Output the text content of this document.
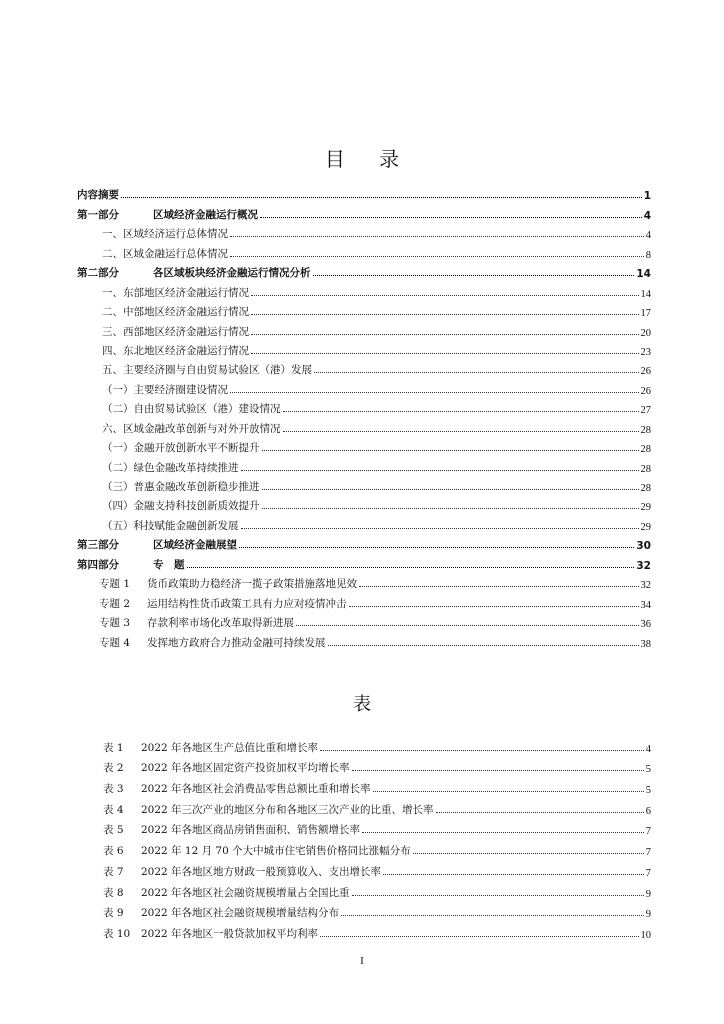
目 录
内容摘要	1
第一部分	区域经济金融运行概况	4
一、区域经济运行总体情况	4
二、区域金融运行总体情况	8
第二部分	各区域板块经济金融运行情况分析	14
一、东部地区经济金融运行情况	14
二、中部地区经济金融运行情况	17
三、西部地区经济金融运行情况	20
四、东北地区经济金融运行情况	23
五、主要经济圈与自由贸易试验区（港）发展	26
（一）主要经济圈建设情况	26
（二）自由贸易试验区（港）建设情况	27
六、区域金融改革创新与对外开放情况	28
（一）金融开放创新水平不断提升	28
（二）绿色金融改革持续推进	28
（三）普惠金融改革创新稳步推进	28
（四）金融支持科技创新质效提升	29
（五）科技赋能金融创新发展	29
第三部分	区域经济金融展望	30
第四部分	专　题	32
专题 1 货币政策助力稳经济一揽子政策措施落地见效	32
专题 2 运用结构性货币政策工具有力应对疫情冲击	34
专题 3 存款利率市场化改革取得新进展	36
专题 4 发挥地方政府合力推动金融可持续发展	38
表
表 1 2022 年各地区生产总值比重和增长率	4
表 2 2022 年各地区固定资产投资加权平均增长率	5
表 3 2022 年各地区社会消费品零售总额比重和增长率	5
表 4 2022 年三次产业的地区分布和各地区三次产业的比重、增长率	6
表 5 2022 年各地区商品房销售面积、销售额增长率	7
表 6 2022 年 12 月 70 个大中城市住宅销售价格同比涨幅分布	7
表 7 2022 年各地区地方财政一般预算收入、支出增长率	7
表 8 2022 年各地区社会融资规模增量占全国比重	9
表 9 2022 年各地区社会融资规模增量结构分布	9
表 10 2022 年各地区一般贷款加权平均利率	10
I
